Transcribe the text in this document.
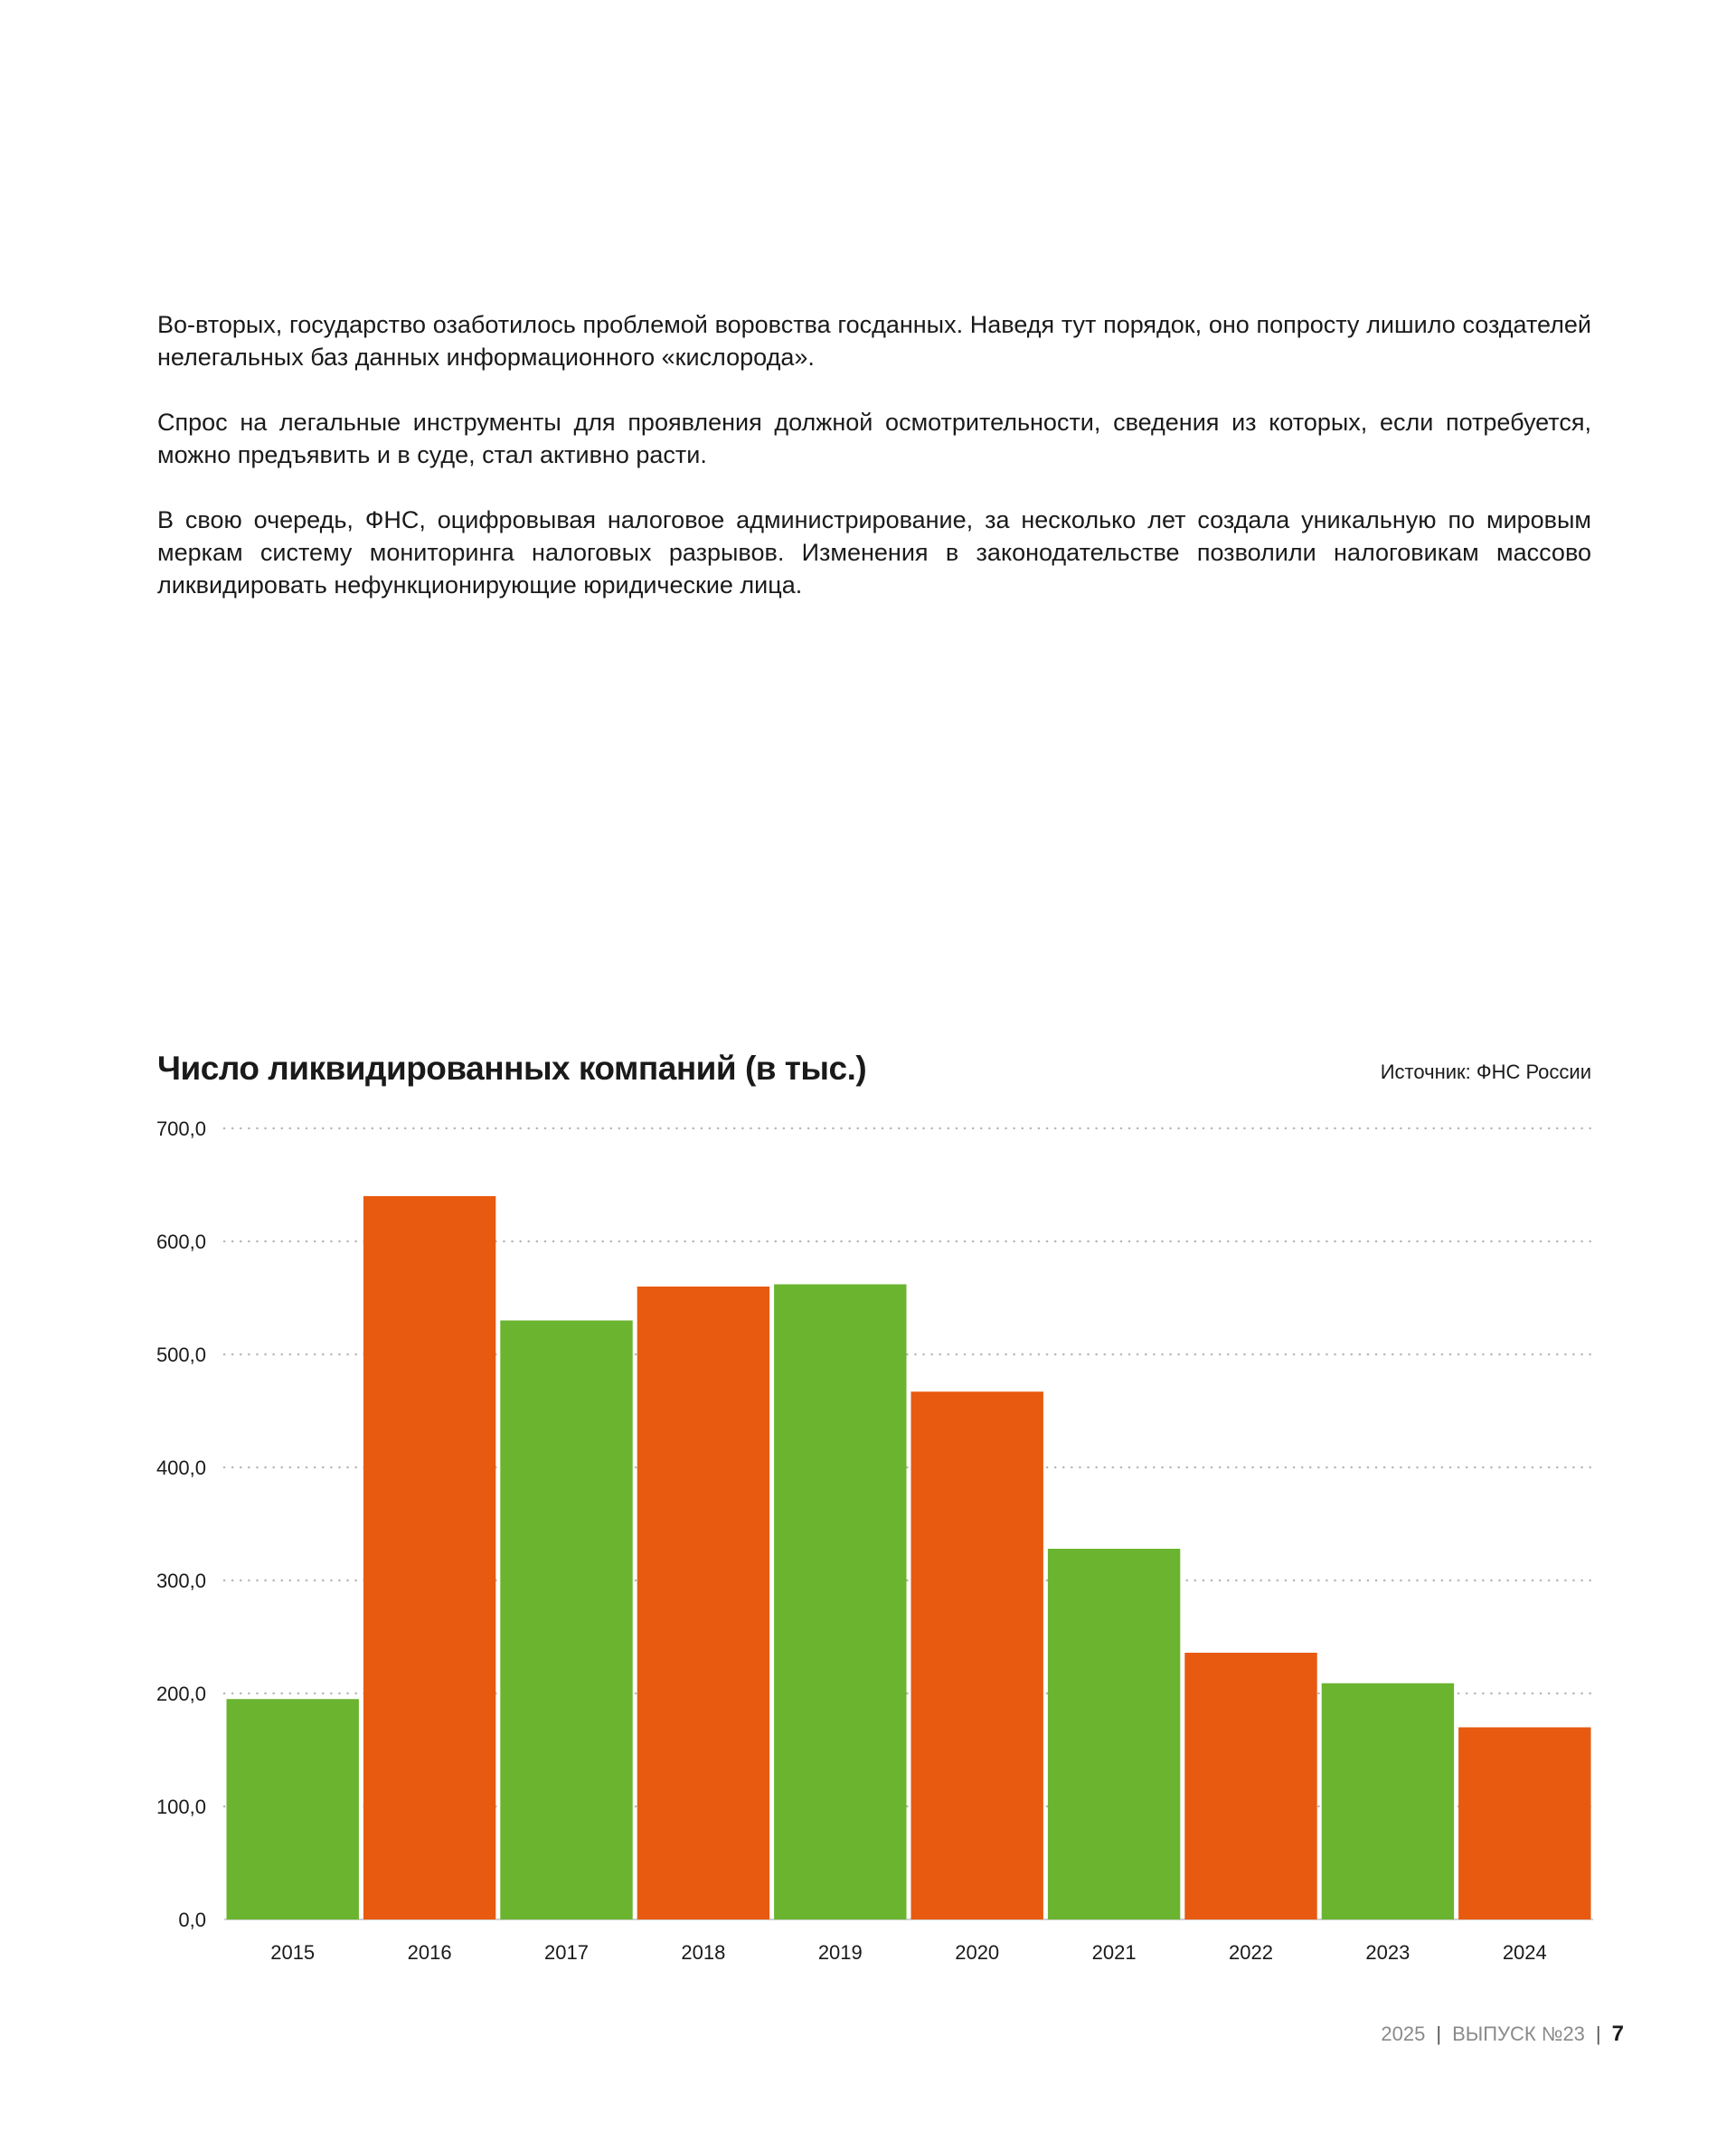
Во-вторых, государство озаботилось проблемой воровства госданных. Наведя тут порядок, оно попросту лишило создателей нелегальных баз данных информационного «кислорода».

Спрос на легальные инструменты для проявления должной осмотрительности, сведения из которых, если потребуется, можно предъявить и в суде, стал активно расти.

В свою очередь, ФНС, оцифровывая налоговое администрирование, за несколько лет создала уникальную по мировым меркам систему мониторинга налоговых разрывов. Изменения в законодательстве позволили налоговикам массово ликвидировать нефункционирующие юридические лица.

Число ликвидированных компаний (в тыс.)	Источник: ФНС России
0,0
100,0
200,0
300,0
400,0
500,0
600,0
700,0
2015	2016	2017	2018	2019	2020	2021	2022	2023	2024
2025 | ВЫПУСК №23 | 7
